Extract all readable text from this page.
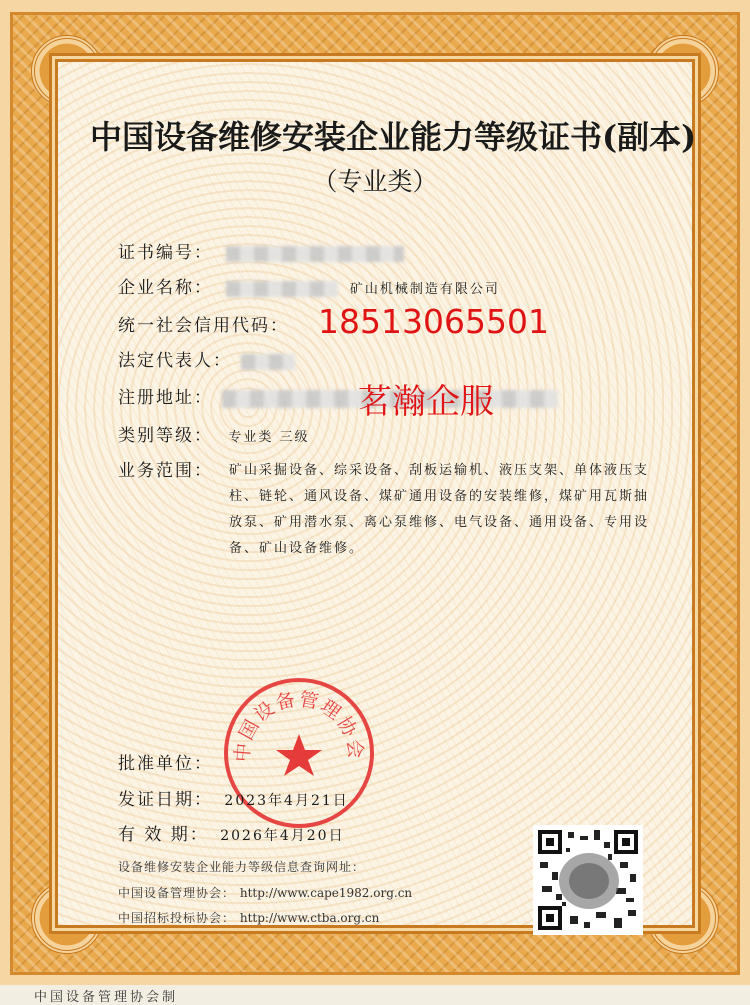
中国设备维修安装企业能力等级证书(副本)
（专业类）
证书编号：
企业名称：	矿山机械制造有限公司
统一社会信用代码： 18513065501
法定代表人：
注册地址：	茗瀚企服
类别等级： 专业类 三级
业务范围： 矿山采掘设备、综采设备、刮板运输机、液压支架、单体液压支柱、链轮、通风设备、煤矿通用设备的安装维修，煤矿用瓦斯抽放泵、矿用潜水泵、离心泵维修、电气设备、通用设备、专用设备、矿山设备维修。
中国设备管理协会
批准单位：
发证日期： 2023年4月21日
有 效 期： 2026年4月20日
设备维修安装企业能力等级信息查询网址：
中国设备管理协会： http://www.cape1982.org.cn
中国招标投标协会： http://www.ctba.org.cn
中国设备管理协会制
